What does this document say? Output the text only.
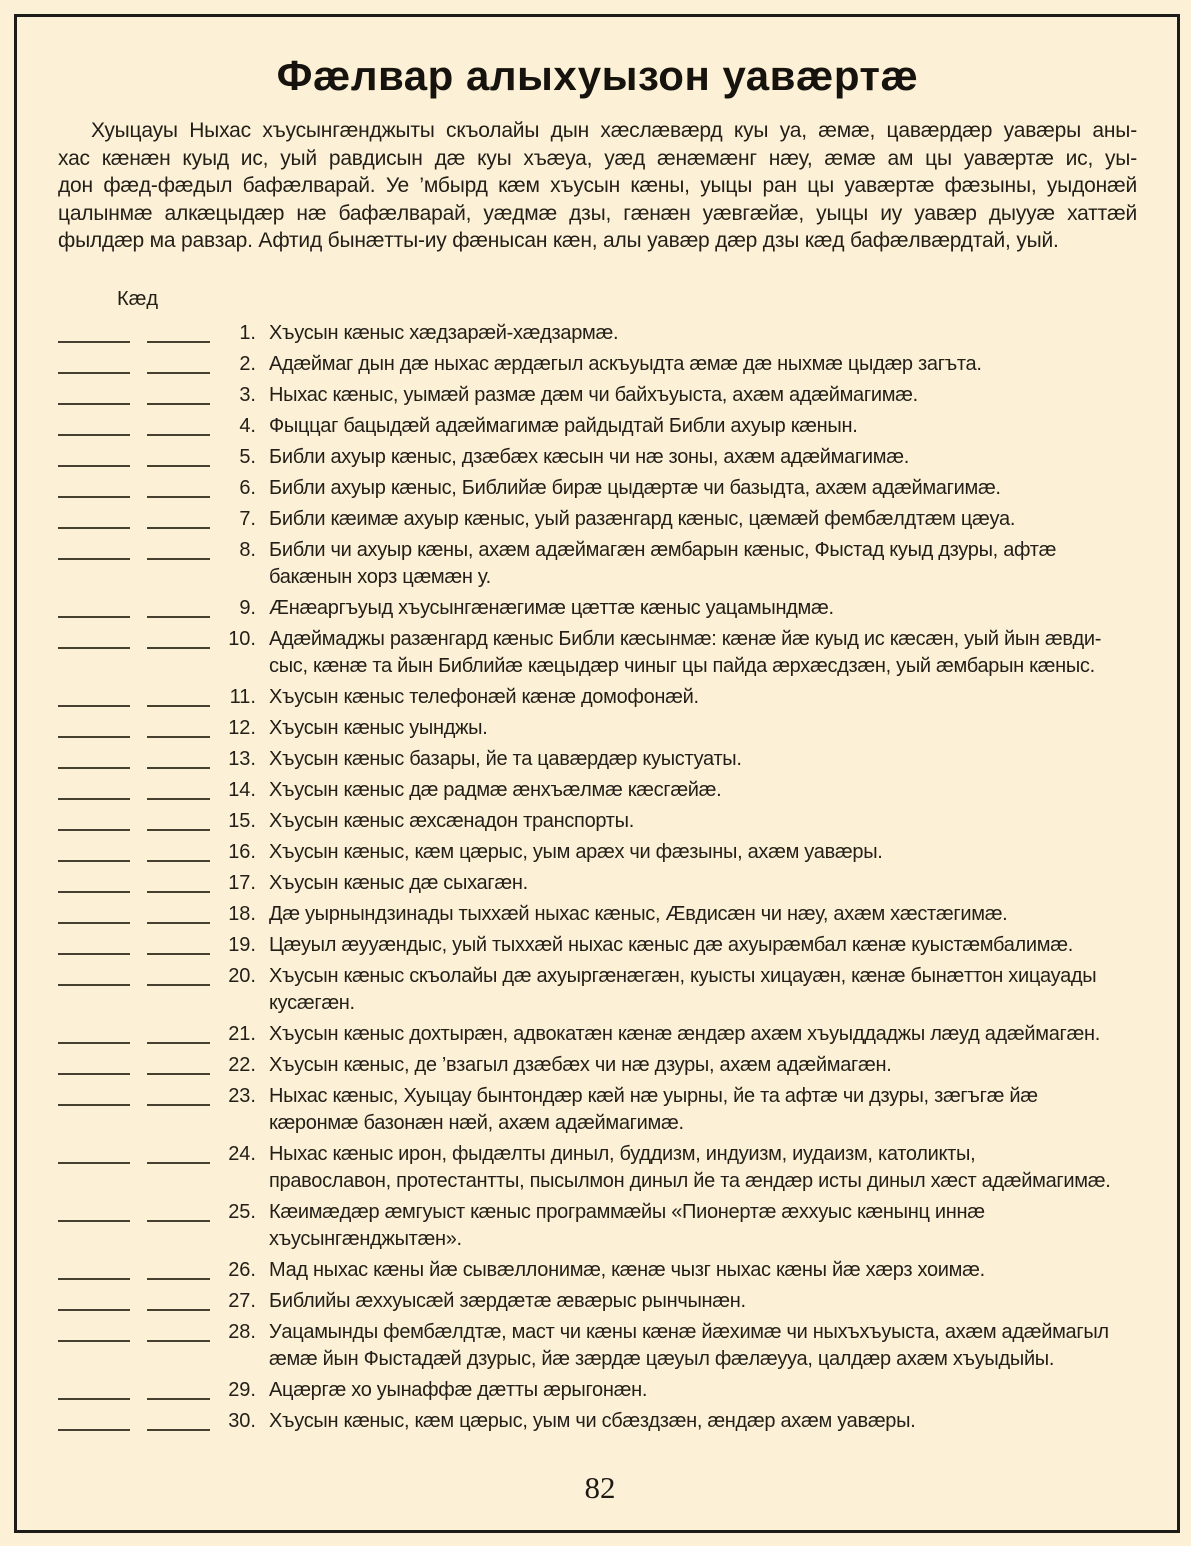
Фæлвар алыхуызон уавæртæ
Хуыцауы Ныхас хъусынгæнджыты скъолайы дын хæслæвæрд куы уа, æмæ, цавæрдæр уавæры аны-
хас кæнæн куыд ис, уый равдисын дæ куы хъæуа, уæд æнæмæнг нæу, æмæ ам цы уавæртæ ис, уы-
дон фæд-фæдыл бафæлварай. Уе ’мбырд кæм хъусын кæны, уыцы ран цы уавæртæ фæзыны, уыдонæй
цалынмæ алкæцыдæр нæ бафæлварай, уæдмæ дзы, гæнæн уæвгæйæ, уыцы иу уавæр дыууæ хаттæй
фылдæр ма равзар. Афтид бынæтты-иу фæнысан кæн, алы уавæр дæр дзы кæд бафæлвæрдтай, уый.
Кæд
1. Хъусын кæныс хæдзарæй-хæдзармæ.
2. Адæймаг дын дæ ныхас æрдæгыл аскъуыдта æмæ дæ ныхмæ цыдæр загъта.
3. Ныхас кæныс, уымæй размæ дæм чи байхъуыста, ахæм адæймагимæ.
4. Фыццаг бацыдæй адæймагимæ райдыдтай Библи ахуыр кæнын.
5. Библи ахуыр кæныс, дзæбæх кæсын чи нæ зоны, ахæм адæймагимæ.
6. Библи ахуыр кæныс, Библийæ бирæ цыдæртæ чи базыдта, ахæм адæймагимæ.
7. Библи кæимæ ахуыр кæныс, уый разæнгард кæныс, цæмæй фембæлдтæм цæуа.
8. Библи чи ахуыр кæны, ахæм адæймагæн æмбарын кæныс, Фыстад куыд дзуры, афтæ
бакæнын хорз цæмæн у.
9. Æнæаргъуыд хъусынгæнæгимæ цæттæ кæныс уацамындмæ.
10. Адæймаджы разæнгард кæныс Библи кæсынмæ: кæнæ йæ куыд ис кæсæн, уый йын æвди-
сыс, кæнæ та йын Библийæ кæцыдæр чиныг цы пайда æрхæсдзæн, уый æмбарын кæныс.
11. Хъусын кæныс телефонæй кæнæ домофонæй.
12. Хъусын кæныс уынджы.
13. Хъусын кæныс базары, йе та цавæрдæр куыстуаты.
14. Хъусын кæныс дæ радмæ æнхъæлмæ кæсгæйæ.
15. Хъусын кæныс æхсæнадон транспорты.
16. Хъусын кæныс, кæм цæрыс, уым арæх чи фæзыны, ахæм уавæры.
17. Хъусын кæныс дæ сыхагæн.
18. Дæ уырнындзинады тыххæй ныхас кæныс, Æвдисæн чи нæу, ахæм хæстæгимæ.
19. Цæуыл æууæндыс, уый тыххæй ныхас кæныс дæ ахуырæмбал кæнæ куыстæмбалимæ.
20. Хъусын кæныс скъолайы дæ ахуыргæнæгæн, куысты хицауæн, кæнæ бынæттон хицауады
кусæгæн.
21. Хъусын кæныс дохтырæн, адвокатæн кæнæ æндæр ахæм хъуыддаджы лæуд адæймагæн.
22. Хъусын кæныс, де ’взагыл дзæбæх чи нæ дзуры, ахæм адæймагæн.
23. Ныхас кæныс, Хуыцау бынтондæр кæй нæ уырны, йе та афтæ чи дзуры, зæгъгæ йæ
кæронмæ базонæн нæй, ахæм адæймагимæ.
24. Ныхас кæныс ирон, фыдæлты диныл, буддизм, индуизм, иудаизм, католикты,
православон, протестантты, пысылмон диныл йе та æндæр исты диныл хæст адæймагимæ.
25. Кæимæдæр æмгуыст кæныс программæйы «Пионертæ æххуыс кæнынц иннæ
хъусынгæнджытæн».
26. Мад ныхас кæны йæ сывæллонимæ, кæнæ чызг ныхас кæны йæ хæрз хоимæ.
27. Библийы æххуысæй зæрдæтæ æвæрыс рынчынæн.
28. Уацамынды фембæлдтæ, маст чи кæны кæнæ йæхимæ чи ныхъхъуыста, ахæм адæймагыл
æмæ йын Фыстадæй дзурыс, йæ зæрдæ цæуыл фæлæууа, цалдæр ахæм хъуыдыйы.
29. Ацæргæ хо уынаффæ дæтты æрыгонæн.
30. Хъусын кæныс, кæм цæрыс, уым чи сбæздзæн, æндæр ахæм уавæры.
82
